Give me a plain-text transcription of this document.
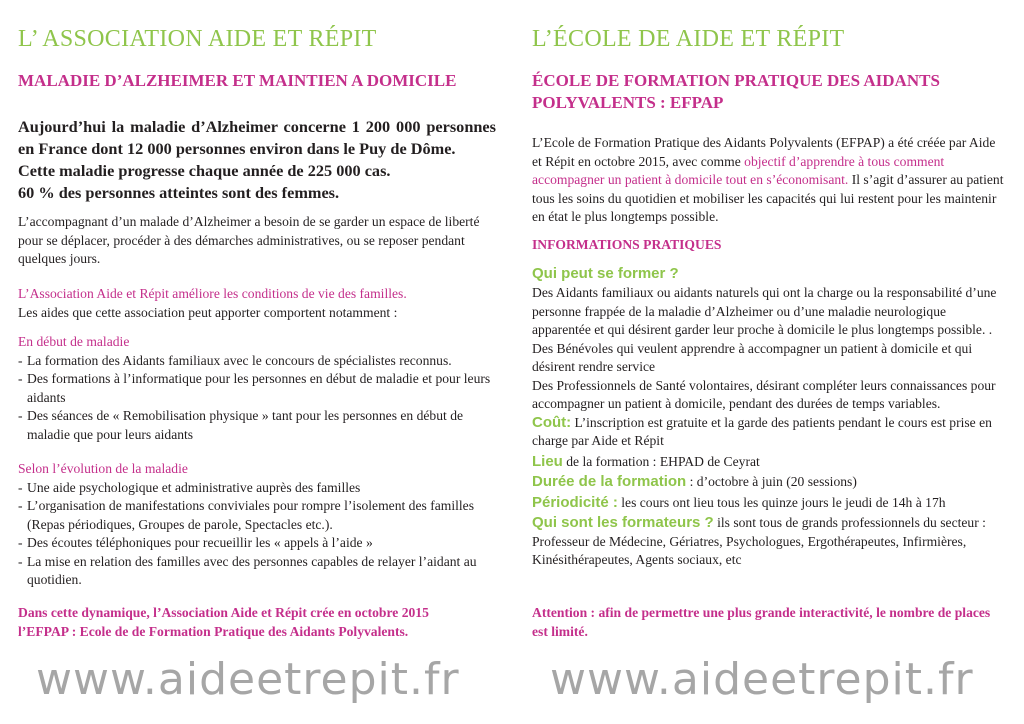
L’ ASSOCIATION AIDE ET RÉPIT
MALADIE D’ALZHEIMER ET MAINTIEN A DOMICILE
Aujourd’hui la maladie d’Alzheimer concerne 1 200 000 personnes en France dont 12 000 personnes environ dans le Puy de Dôme.
Cette maladie progresse chaque année de 225 000 cas.
60 % des personnes atteintes sont des femmes.

L’accompagnant d’un malade d’Alzheimer a besoin de se garder un espace de liberté pour se déplacer, procéder à des démarches administratives, ou se reposer pendant quelques jours.

L’Association Aide et Répit améliore les conditions de vie des familles.
Les aides que cette association peut apporter comportent notamment :
En début de maladie
- La formation des Aidants familiaux avec le concours de spécialistes reconnus.
- Des formations à l’informatique pour les personnes en début de maladie et pour leurs aidants
- Des séances de « Remobilisation physique » tant pour les personnes en début de maladie que pour leurs aidants
Selon l’évolution de la maladie
- Une aide psychologique et administrative auprès des familles
- L’organisation de manifestations conviviales pour rompre l’isolement des familles (Repas périodiques, Groupes de parole, Spectacles etc.).
- Des écoutes téléphoniques pour recueillir les « appels à l’aide »
- La mise en relation des familles avec des personnes capables de relayer l’aidant au quotidien.
Dans cette dynamique, l’Association Aide et Répit crée en octobre 2015
l’EFPAP : Ecole de de Formation Pratique des Aidants Polyvalents.

www.aideetrepit.fr

L’ÉCOLE DE AIDE ET RÉPIT
ÉCOLE DE FORMATION PRATIQUE DES AIDANTS POLYVALENTS : EFPAP

L’Ecole de Formation Pratique des Aidants Polyvalents (EFPAP) a été créée par Aide et Répit en octobre 2015, avec comme objectif d’apprendre à tous comment accompagner un patient à domicile tout en s’économisant. Il s’agit d’assurer au patient tous les soins du quotidien et mobiliser les capacités qui lui restent pour les maintenir en état le plus longtemps possible.

INFORMATIONS PRATIQUES
Qui peut se former ?
Des Aidants familiaux ou aidants naturels qui ont la charge ou la responsabilité d’une personne frappée de la maladie d’Alzheimer ou d’une maladie neurologique apparentée et qui désirent garder leur proche à domicile le plus longtemps possible. .
Des Bénévoles qui veulent apprendre à accompagner un patient à domicile et qui désirent rendre service
Des Professionnels de Santé volontaires, désirant compléter leurs connaissances pour accompagner un patient à domicile, pendant des durées de temps variables.
Coût: L’inscription est gratuite et la garde des patients pendant le cours est prise en charge par Aide et Répit
Lieu de la formation : EHPAD de Ceyrat
Durée de la formation : d’octobre à juin (20 sessions)
Périodicité : les cours ont lieu tous les quinze jours le jeudi de 14h à 17h
Qui sont les formateurs ? ils sont tous de grands professionnels du secteur : Professeur de Médecine, Gériatres, Psychologues, Ergothérapeutes, Infirmières, Kinésithérapeutes, Agents sociaux, etc

Attention : afin de permettre une plus grande interactivité, le nombre de places est limité.

www.aideetrepit.fr
